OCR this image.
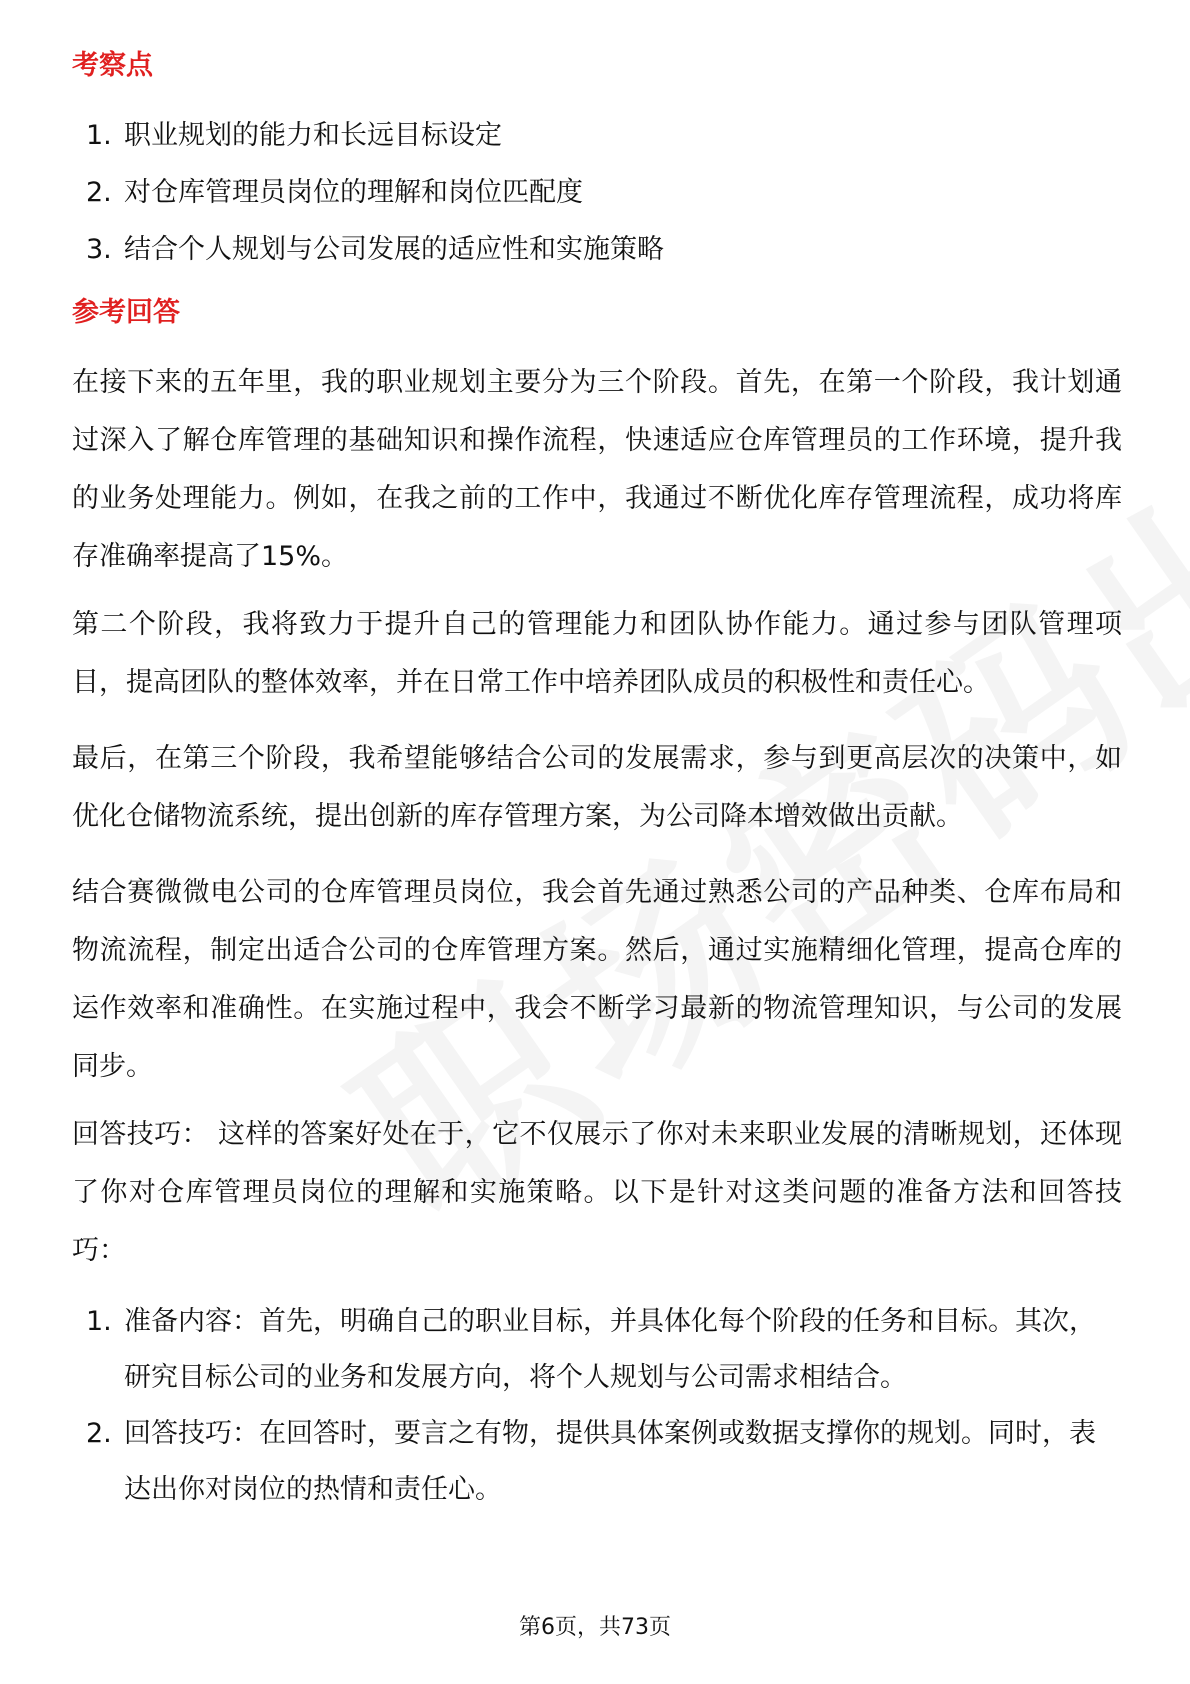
考察点
1. 职业规划的能力和长远目标设定
2. 对仓库管理员岗位的理解和岗位匹配度
3. 结合个人规划与公司发展的适应性和实施策略
参考回答

在接下来的五年里，我的职业规划主要分为三个阶段。首先，在第一个阶段，我计划通过深入了解仓库管理的基础知识和操作流程，快速适应仓库管理员的工作环境，提升我的业务处理能力。例如，在我之前的工作中，我通过不断优化库存管理流程，成功将库存准确率提高了15%。

第二个阶段，我将致力于提升自己的管理能力和团队协作能力。通过参与团队管理项目，提高团队的整体效率，并在日常工作中培养团队成员的积极性和责任心。

最后，在第三个阶段，我希望能够结合公司的发展需求，参与到更高层次的决策中，如优化仓储物流系统，提出创新的库存管理方案，为公司降本增效做出贡献。

结合赛微微电公司的仓库管理员岗位，我会首先通过熟悉公司的产品种类、仓库布局和物流流程，制定出适合公司的仓库管理方案。然后，通过实施精细化管理，提高仓库的运作效率和准确性。在实施过程中，我会不断学习最新的物流管理知识，与公司的发展同步。

回答技巧： 这样的答案好处在于，它不仅展示了你对未来职业发展的清晰规划，还体现了你对仓库管理员岗位的理解和实施策略。以下是针对这类问题的准备方法和回答技巧：

1. 准备内容：首先，明确自己的职业目标，并具体化每个阶段的任务和目标。其次，研究目标公司的业务和发展方向，将个人规划与公司需求相结合。
2. 回答技巧：在回答时，要言之有物，提供具体案例或数据支撑你的规划。同时，表达出你对岗位的热情和责任心。
第6页，共73页
